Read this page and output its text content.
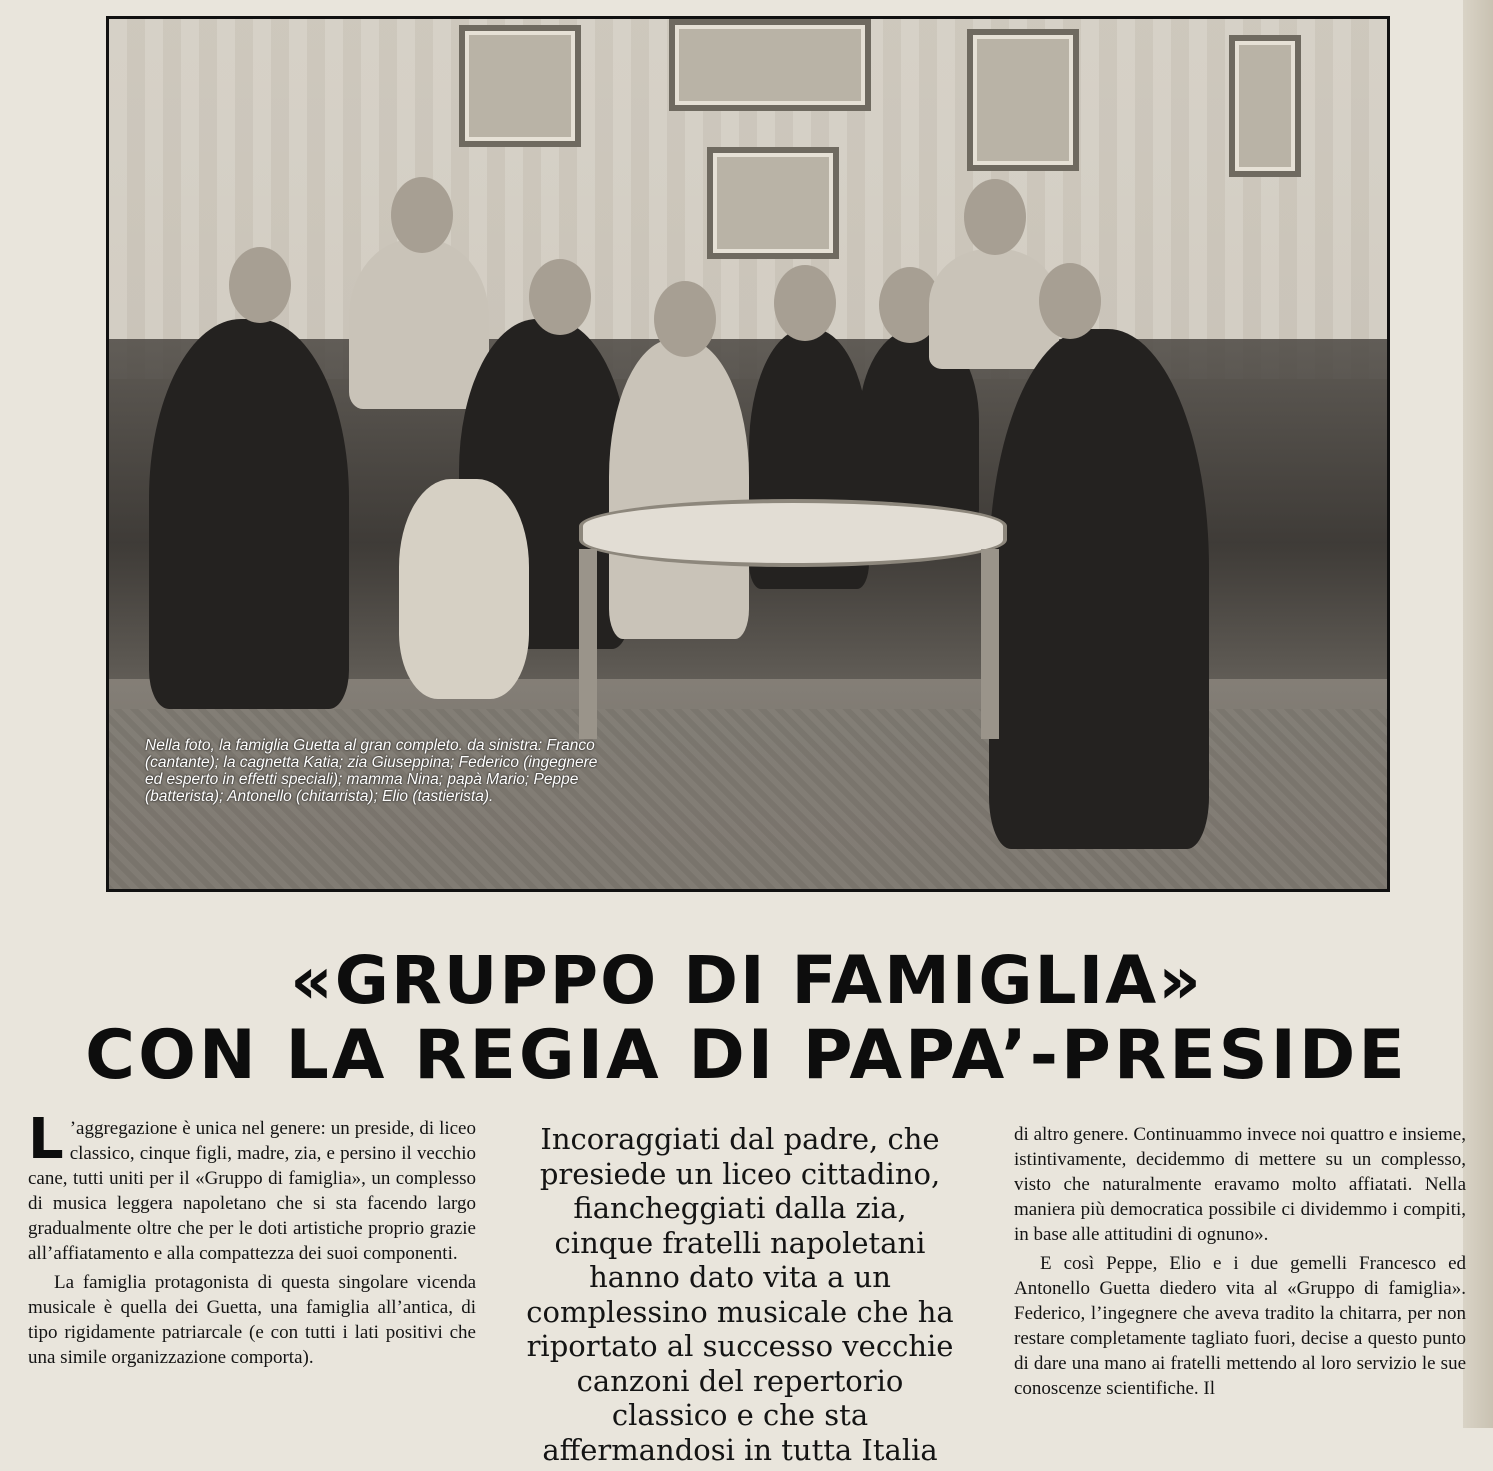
Nella foto, la famiglia Guetta al gran completo. da sinistra: Franco (cantante); la cagnetta Katia; zia Giuseppina; Federico (ingegnere ed esperto in effetti speciali); mamma Nina; papà Mario; Peppe (batterista); Antonello (chitarrista); Elio (tastierista).
«GRUPPO DI FAMIGLIA»
CON LA REGIA DI PAPA’-PRESIDE

L ’aggregazione è unica nel genere: un preside, di liceo classico, cinque figli, madre, zia, e persino il vecchio cane, tutti uniti per il «Gruppo di famiglia», un complesso di musica leggera napoletano che si sta facendo largo gradualmente oltre che per le doti artistiche proprio grazie all’affiatamento e alla compattezza dei suoi componenti.

La famiglia protagonista di questa singolare vicenda musicale è quella dei Guetta, una famiglia all’antica, di tipo rigidamente patriarcale (e con tutti i lati positivi che una simile organizzazione comporta).

Incoraggiati dal padre, che presiede un liceo cittadino, fiancheggiati dalla zia, cinque fratelli napoletani hanno dato vita a un complessino musicale che ha riportato al successo vecchie canzoni del repertorio classico e che sta affermandosi in tutta Italia

di altro genere. Continuammo invece noi quattro e insieme, istintivamente, decidemmo di mettere su un complesso, visto che naturalmente eravamo molto affiatati. Nella maniera più democratica possibile ci dividemmo i compiti, in base alle attitudini di ognuno».

E così Peppe, Elio e i due gemelli Francesco ed Antonello Guetta diedero vita al «Gruppo di famiglia». Federico, l’ingegnere che aveva tradito la chitarra, per non restare completamente tagliato fuori, decise a questo punto di dare una mano ai fratelli mettendo al loro servizio le sue conoscenze scientifiche. Il
